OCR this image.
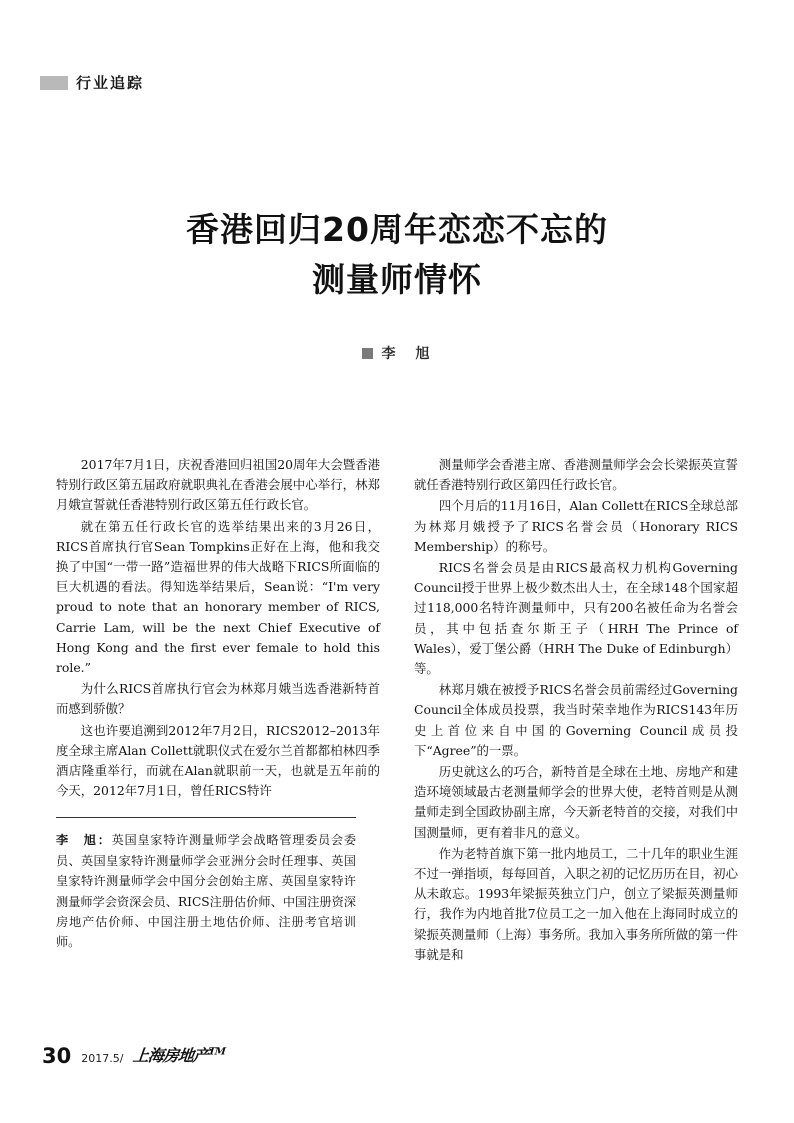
行业追踪
香港回归20周年恋恋不忘的
测量师情怀
李　旭

2017年7月1日，庆祝香港回归祖国20周年大会暨香港特别行政区第五届政府就职典礼在香港会展中心举行，林郑月娥宣誓就任香港特别行政区第五任行政长官。

就在第五任行政长官的选举结果出来的3月26日，RICS首席执行官Sean Tompkins正好在上海，他和我交换了中国“一带一路”造福世界的伟大战略下RICS所面临的巨大机遇的看法。得知选举结果后，Sean说：“I'm very proud to note that an honorary member of RICS, Carrie Lam, will be the next Chief Executive of Hong Kong and the first ever female to hold this role.”

为什么RICS首席执行官会为林郑月娥当选香港新特首而感到骄傲？

这也许要追溯到2012年7月2日，RICS2012–2013年度全球主席Alan Collett就职仪式在爱尔兰首都都柏林四季酒店隆重举行，而就在Alan就职前一天，也就是五年前的今天，2012年7月1日，曾任RICS特许

李　旭：英国皇家特许测量师学会战略管理委员会委员、英国皇家特许测量师学会亚洲分会时任理事、英国皇家特许测量师学会中国分会创始主席、英国皇家特许测量师学会资深会员、RICS注册估价师、中国注册资深房地产估价师、中国注册土地估价师、注册考官培训师。

测量师学会香港主席、香港测量师学会会长梁振英宣誓就任香港特别行政区第四任行政长官。

四个月后的11月16日，Alan Collett在RICS全球总部为林郑月娥授予了RICS名誉会员（Honorary RICS Membership）的称号。

RICS名誉会员是由RICS最高权力机构Governing Council授于世界上极少数杰出人士，在全球148个国家超过118,000名特许测量师中，只有200名被任命为名誉会员，其中包括查尔斯王子（HRH The Prince of Wales），爱丁堡公爵（HRH The Duke of Edinburgh）等。

林郑月娥在被授予RICS名誉会员前需经过Governing Council全体成员投票，我当时荣幸地作为RICS143年历史上首位来自中国的Governing Council成员投下“Agree”的一票。

历史就这么的巧合，新特首是全球在土地、房地产和建造环境领域最古老测量师学会的世界大使，老特首则是从测量师走到全国政协副主席，今天新老特首的交接，对我们中国测量师，更有着非凡的意义。

作为老特首旗下第一批内地员工，二十几年的职业生涯不过一弹指顷，每每回首，入职之初的记忆历历在目，初心从未敢忘。1993年梁振英独立门户，创立了梁振英测量师行，我作为内地首批7位员工之一加入他在上海同时成立的梁振英测量师（上海）事务所。我加入事务所所做的第一件事就是和

30 2017.5/ 上海房地产™
